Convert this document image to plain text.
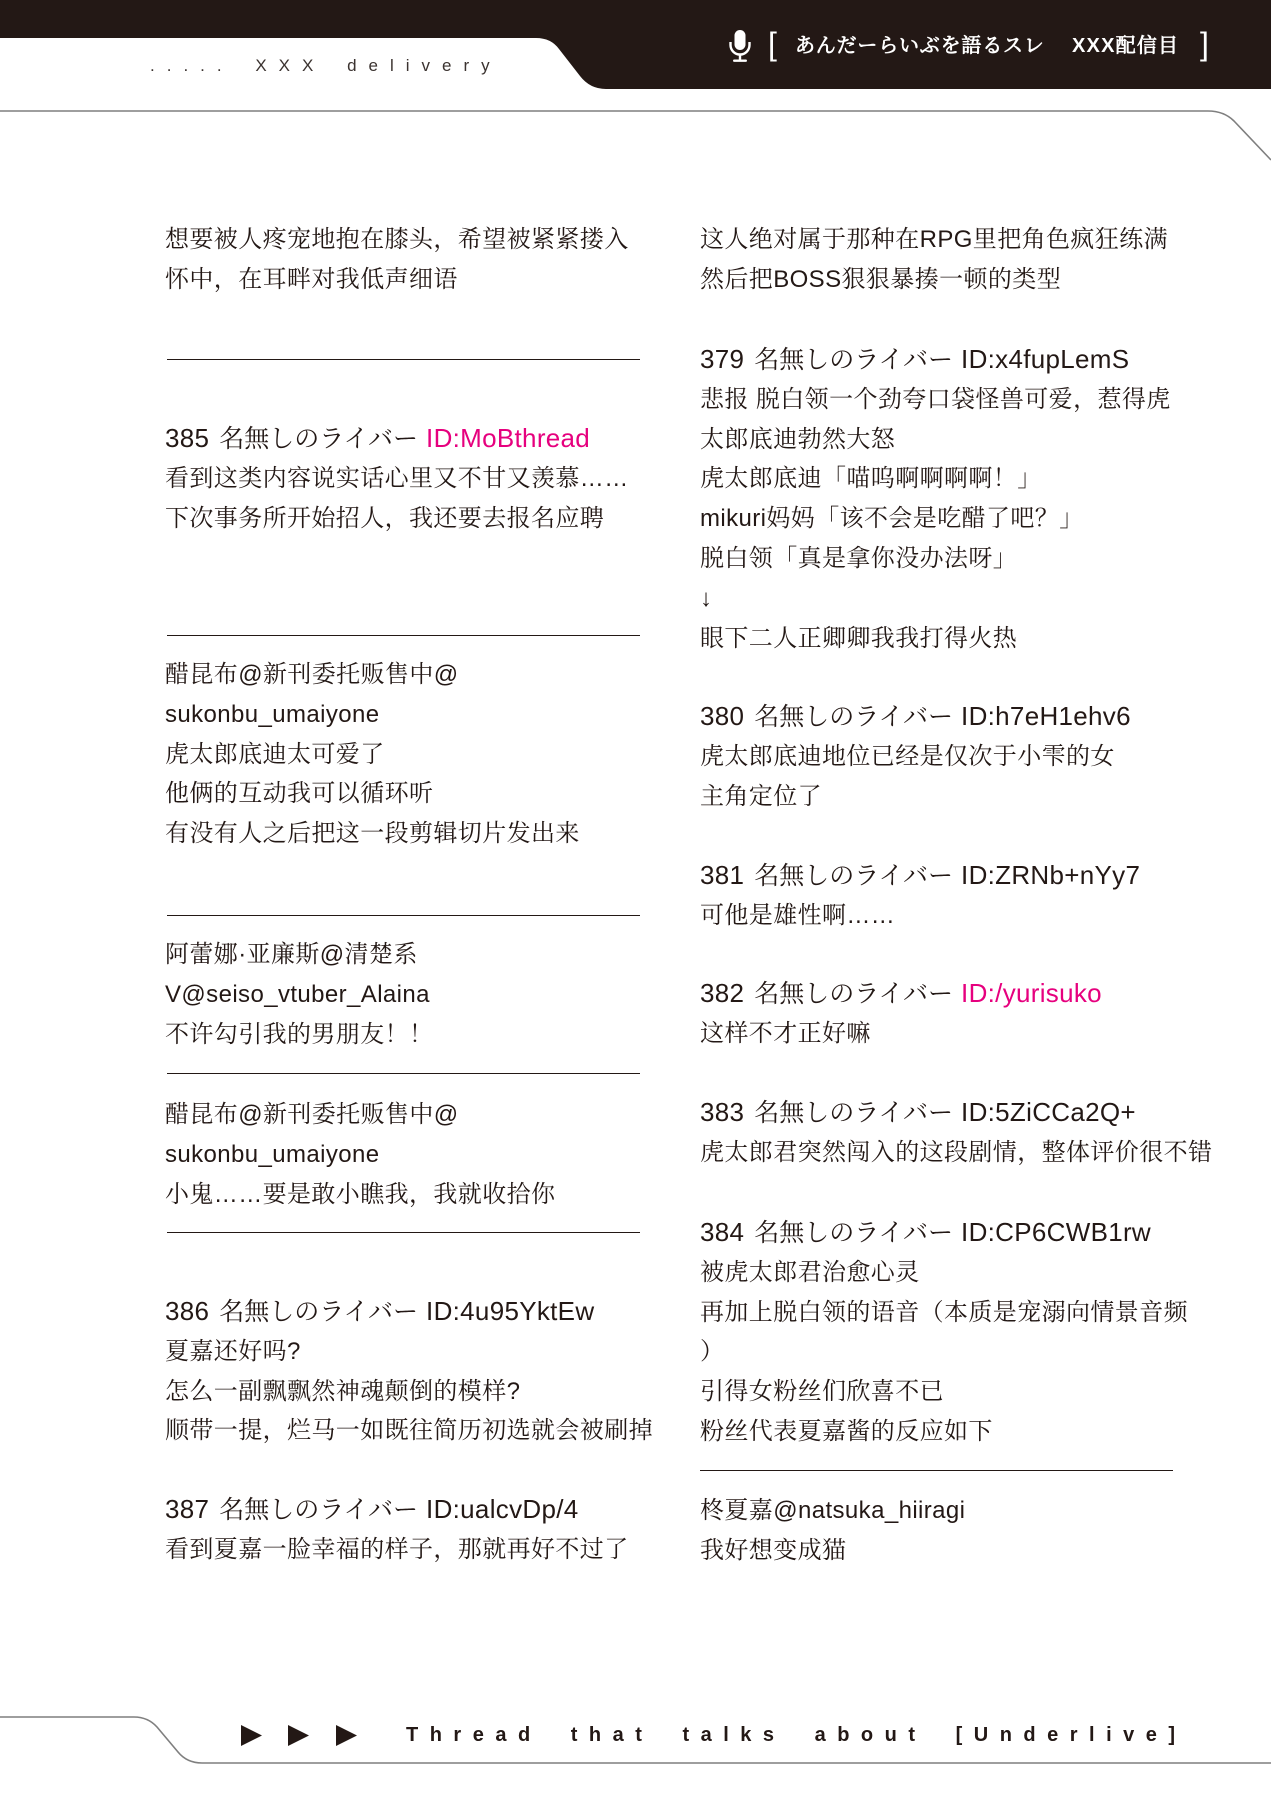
..... XXX delivery
[ あんだーらいぶを語るスレ XXX配信目 ]
想要被人疼宠地抱在膝头，希望被紧紧搂入
怀中，在耳畔对我低声细语
385 名無しのライバー ID:MoBthread
看到这类内容说实话心里又不甘又羡慕……
下次事务所开始招人，我还要去报名应聘
醋昆布@新刊委托贩售中@
sukonbu_umaiyone
虎太郎底迪太可爱了
他俩的互动我可以循环听
有没有人之后把这一段剪辑切片发出来
阿蕾娜·亚廉斯@清楚系
V@seiso_vtuber_Alaina
不许勾引我的男朋友！！
醋昆布@新刊委托贩售中@
sukonbu_umaiyone
小鬼……要是敢小瞧我，我就收拾你
386 名無しのライバー ID:4u95YktEw
夏嘉还好吗?
怎么一副飘飘然神魂颠倒的模样?
顺带一提，烂马一如既往简历初选就会被刷掉
387 名無しのライバー ID:ualcvDp/4
看到夏嘉一脸幸福的样子，那就再好不过了
这人绝对属于那种在RPG里把角色疯狂练满
然后把BOSS狠狠暴揍一顿的类型
379 名無しのライバー ID:x4fupLemS
悲报 脱白领一个劲夸口袋怪兽可爱，惹得虎
太郎底迪勃然大怒
虎太郎底迪「喵呜啊啊啊啊！」
mikuri妈妈「该不会是吃醋了吧？」
脱白领「真是拿你没办法呀」
↓
眼下二人正卿卿我我打得火热
380 名無しのライバー ID:h7eH1ehv6
虎太郎底迪地位已经是仅次于小雫的女
主角定位了
381 名無しのライバー ID:ZRNb+nYy7
可他是雄性啊……
382 名無しのライバー ID:/yurisuko
这样不才正好嘛
383 名無しのライバー ID:5ZiCCa2Q+
虎太郎君突然闯入的这段剧情，整体评价很不错
384 名無しのライバー ID:CP6CWB1rw
被虎太郎君治愈心灵
再加上脱白领的语音（本质是宠溺向情景音频
）
引得女粉丝们欣喜不已
粉丝代表夏嘉酱的反应如下
柊夏嘉@natsuka_hiiragi
我好想变成猫
Thread that talks about [Underlive]
